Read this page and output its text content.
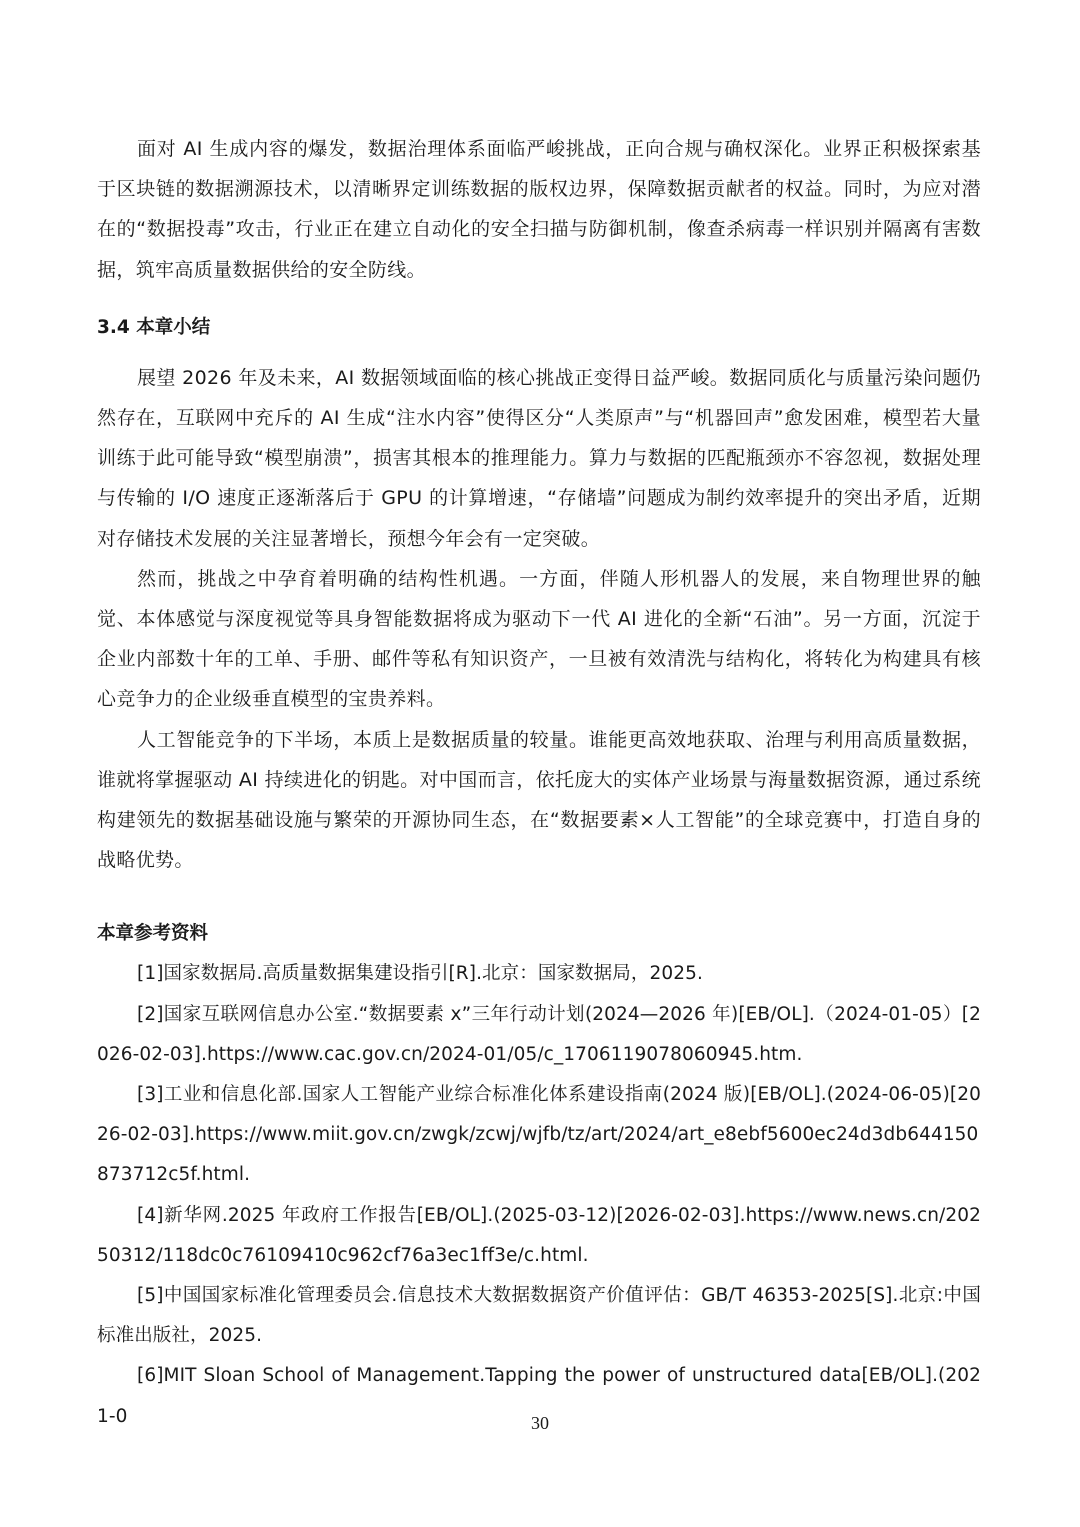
面对 AI 生成内容的爆发，数据治理体系面临严峻挑战，正向合规与确权深化。业界正积极探索基于区块链的数据溯源技术，以清晰界定训练数据的版权边界，保障数据贡献者的权益。同时，为应对潜在的“数据投毒”攻击，行业正在建立自动化的安全扫描与防御机制，像查杀病毒一样识别并隔离有害数据，筑牢高质量数据供给的安全防线。

3.4 本章小结

展望 2026 年及未来，AI 数据领域面临的核心挑战正变得日益严峻。数据同质化与质量污染问题仍然存在，互联网中充斥的 AI 生成“注水内容”使得区分“人类原声”与“机器回声”愈发困难，模型若大量训练于此可能导致“模型崩溃”，损害其根本的推理能力。算力与数据的匹配瓶颈亦不容忽视，数据处理与传输的 I/O 速度正逐渐落后于 GPU 的计算增速，“存储墙”问题成为制约效率提升的突出矛盾，近期对存储技术发展的关注显著增长，预想今年会有一定突破。

然而，挑战之中孕育着明确的结构性机遇。一方面，伴随人形机器人的发展，来自物理世界的触觉、本体感觉与深度视觉等具身智能数据将成为驱动下一代 AI 进化的全新“石油”。另一方面，沉淀于企业内部数十年的工单、手册、邮件等私有知识资产，一旦被有效清洗与结构化，将转化为构建具有核心竞争力的企业级垂直模型的宝贵养料。

人工智能竞争的下半场，本质上是数据质量的较量。谁能更高效地获取、治理与利用高质量数据，谁就将掌握驱动 AI 持续进化的钥匙。对中国而言，依托庞大的实体产业场景与海量数据资源，通过系统构建领先的数据基础设施与繁荣的开源协同生态，在“数据要素×人工智能”的全球竞赛中，打造自身的战略优势。

本章参考资料

[1]国家数据局.高质量数据集建设指引[R].北京：国家数据局，2025.

[2]国家互联网信息办公室.“数据要素 x”三年行动计划(2024—2026 年)[EB/OL].（2024-01-05）[2026-02-03].https://www.cac.gov.cn/2024-01/05/c_1706119078060945.htm.

[3]工业和信息化部.国家人工智能产业综合标准化体系建设指南(2024 版)[EB/OL].(2024-06-05)[2026-02-03].https://www.miit.gov.cn/zwgk/zcwj/wjfb/tz/art/2024/art_e8ebf5600ec24d3db644150873712c5f.html.

[4]新华网.2025 年政府工作报告[EB/OL].(2025-03-12)[2026-02-03].https://www.news.cn/20250312/118dc0c76109410c962cf76a3ec1ff3e/c.html.

[5]中国国家标准化管理委员会.信息技术大数据数据资产价值评估：GB/T 46353-2025[S].北京:中国标准出版社，2025.

[6]MIT Sloan School of Management.Tapping the power of unstructured data[EB/OL].(2021-0	30
